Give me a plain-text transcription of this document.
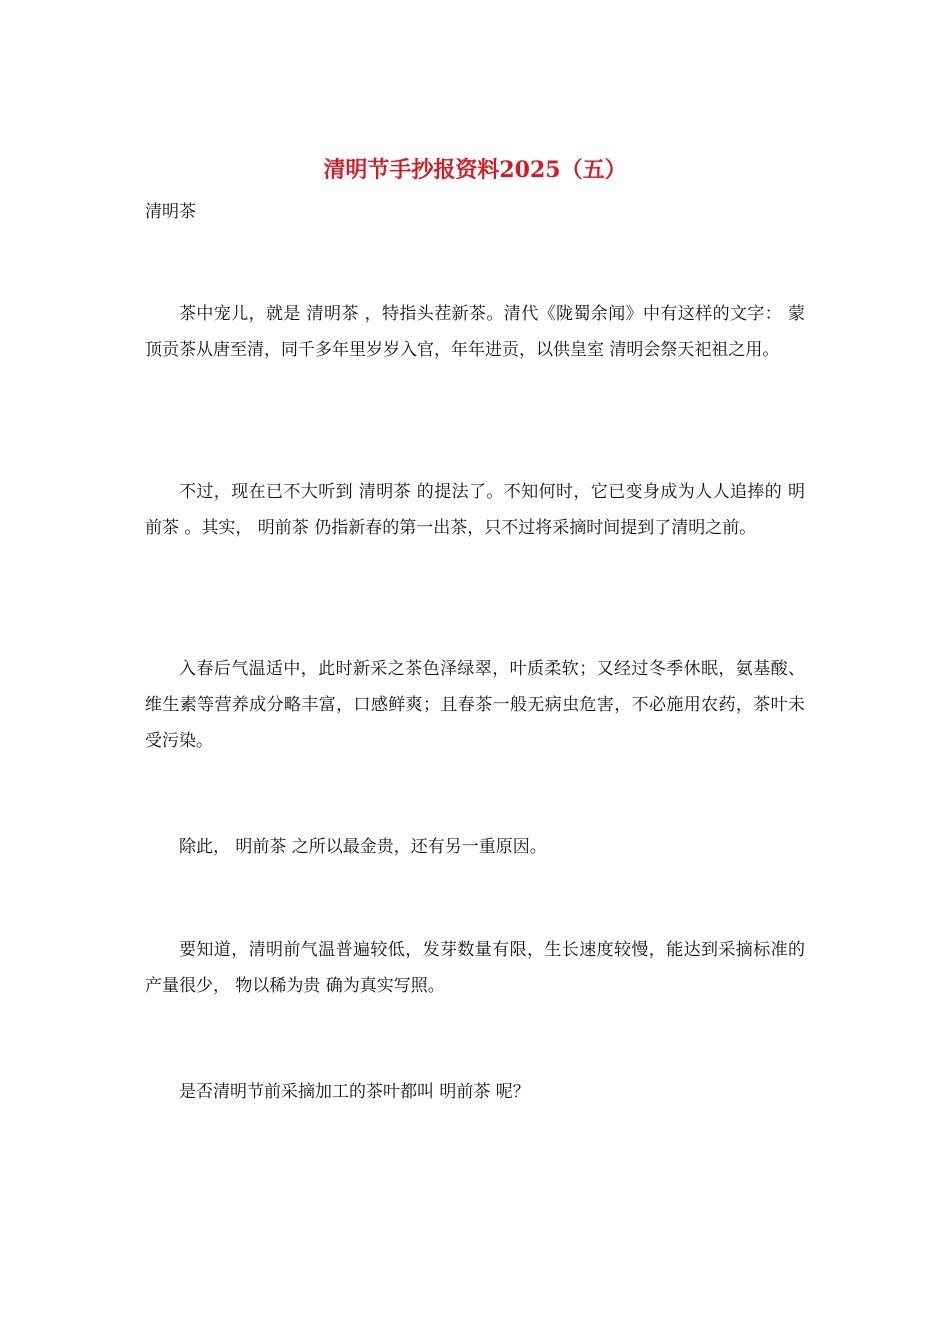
清明节手抄报资料2025（五）

清明茶

茶中宠儿，就是 清明茶 ，特指头茬新茶。清代《陇蜀余闻》中有这样的文字： 蒙顶贡茶从唐至清，同千多年里岁岁入官，年年进贡，以供皇室 清明会祭天祀祖之用。

不过，现在已不大听到 清明茶 的提法了。不知何时，它已变身成为人人追捧的 明前茶 。其实， 明前茶 仍指新春的第一出茶，只不过将采摘时间提到了清明之前。

入春后气温适中，此时新采之茶色泽绿翠，叶质柔软；又经过冬季休眠，氨基酸、维生素等营养成分略丰富，口感鲜爽；且春茶一般无病虫危害，不必施用农药，茶叶未受污染。

除此， 明前茶 之所以最金贵，还有另一重原因。

要知道，清明前气温普遍较低，发芽数量有限，生长速度较慢，能达到采摘标准的产量很少， 物以稀为贵 确为真实写照。

是否清明节前采摘加工的茶叶都叫 明前茶 呢？
